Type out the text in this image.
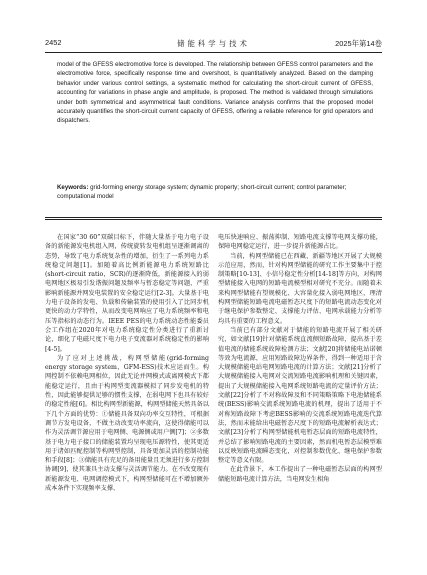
2452	储能科学与技术	2025年第14卷
model of the GFESS electromotive force is developed. The relationship between GFESS control parameters and the electromotive force, specifically response time and overshoot, is quantitatively analyzed. Based on the damping behavior under various control settings, a systematic method for calculating the short-circuit current of GFESS, accounting for variations in phase angle and amplitude, is proposed. The method is validated through simulations under both symmetrical and asymmetrical fault conditions. Variance analysis confirms that the proposed model accurately quantifies the short-circuit current capacity of GFESS, offering a reliable reference for grid operators and dispatchers.
Keywords: grid-forming energy storage system; dynamic property; short-circuit current; control parameter; computational model

在国家“30 60”双碳目标下，伴随大量基于电力电子设备的新能源发电机组入网，传统旋转发电机组呈逐渐调离的态势，导致了电力系统复杂性的增加，衍生了一系列电力系统稳定问题[1]。加随着高比例新能源电力系统短路比(short-circuit ratio，SCR)的逐渐降低，新能源接入的弱电网地区极易引发谐振问题及频率与暂态稳定等问题，严重影响新能源并网发电装置的安全稳定运行[2-3]。大量基于电力电子设备的发电、负载和传输装置的使用引入了比同步机更快的动力学特性，从而改变电网响应了电力系统频率和电压等指标的动态行为。IEEE PES的电力系统动态性能委员会工作组在2020年对电力系统稳定性分类进行了重新讨论，细化了电磁尺度下电力电子变流器对系统稳定性的影响[4-5]。

为了应对上述挑战，构网型储能(grid-forming energy storage system，GFM-ESS)技术应运而生。构网控制不依赖电网相位，因此无论并网模式或离网模式下都能稳定运行，且由于构网型变流器模拟了同步发电机的特性，因此能够提供足够的惯性支撑，在弱电网下也具有较好的稳定性能[6]。相比构网型新能源，构网型储能天然具备以下几个方面的优势：①储能具备双向功率交互特性，可根据调节方发电设备，不做主动改变功率流向，这使得储能可以作为灵活调节源应用于电网侧、电源侧或用户侧[7]；②多数基于电力电子接口的储能装置均呈现电压源特性，使其更适用于诸如匹配控制等构网型控制，具备更加灵活的控制功能和手段[8]；③储能具有充足的备用能量且无须进行多方控制协调[9]，使其兼具主动支撑与灵活调节能力。在不改变现有新能源发电、电网调控模式下，构网型储能可在不增加额外成本条件下实现频率支撑、

电压快速响应、振荡抑制、短路电流支撑等电网支撑功能，保障电网稳定运行，进一步提升新能源占比。

当前，构网型储能已在西藏、新疆等地区开展了大规模示范应用，然而，针对构网型储能的研究工作主要集中于控制策略[10-13]、小信号稳定性分析[14-18]等方向，对构网型储能接入电网的短路电流模型相对研究不充分。而随着未来构网型储能有望规模化、大容量化接入弱电网地区，理清构网型储能短路电流电磁暂态尺度下的短路电流动态变化对于继电保护参数整定、支撑能力评估、电网承载能力分析等均具有重要的工程意义。

当前已有部分文献对于储能的短路电流开展了相关研究，如文献[19]针对储能系统直流侧短路故障，提出基于差值电流的储能系统故障检测方法；文献[20]将储能电站诺顿等效为电流源，应用短路故障边界条件，得到一种适用于含大规模储能电站电网短路电流的计算方法；文献[21]分析了大规模储能接入电网对交流短路电流影响机理和关键因素，提出了大规模储能接入电网系统短路电流的定量评价方法；文献[22]分析了不对称故障及和不同策略策略下电池储能系统(BESS)影响交流系统短路电流的机理，提出了适用于不对称短路故障下考虑BESS影响的交流系统短路电流迭代算法，然而未能给出电磁暂态尺度下的短路电流解析表达式；文献[23]分析了构网型储能机电暂态层面的短路电流特性，并总结了影响短路电流的主要因素，然而机电暂态层模型难以反映短路电流瞬态变化，对控制参数优化、继电保护参数整定等意义有限。

在此背景下，本工作提出了一种电磁暂态层面的构网型储能短路电流计算方法，当电网发生相角
